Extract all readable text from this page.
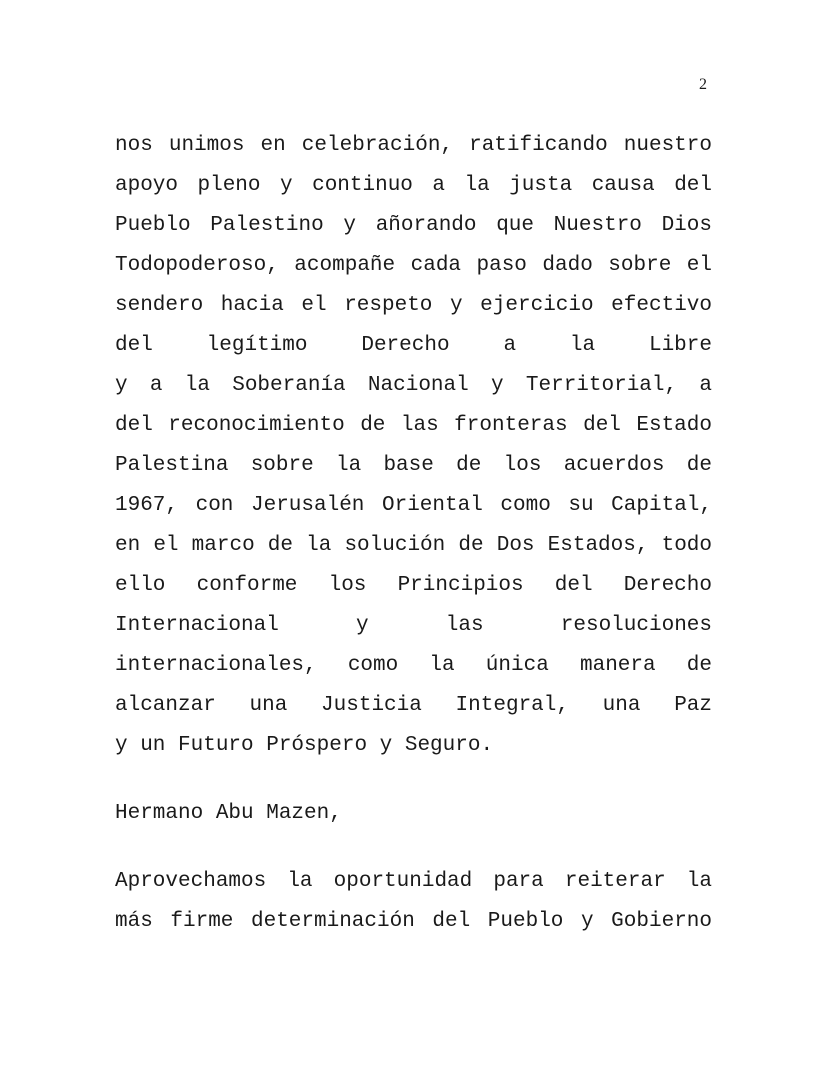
2
nos unimos en celebración, ratificando nuestro
apoyo pleno y continuo a la justa causa del
Pueblo Palestino y añorando que Nuestro Dios
Todopoderoso, acompañe cada paso dado sobre el
sendero hacia el respeto y ejercicio efectivo
del legítimo Derecho a la Libre
y a la Soberanía Nacional y Territorial, a
del reconocimiento de las fronteras del Estado
Palestina sobre la base de los acuerdos de
1967, con Jerusalén Oriental como su Capital,
en el marco de la solución de Dos Estados, todo
ello conforme los Principios del Derecho
Internacional y las resoluciones
internacionales, como la única manera de
alcanzar una Justicia Integral, una Paz
y un Futuro Próspero y Seguro.
Hermano Abu Mazen,
Aprovechamos la oportunidad para reiterar la
más firme determinación del Pueblo y Gobierno
